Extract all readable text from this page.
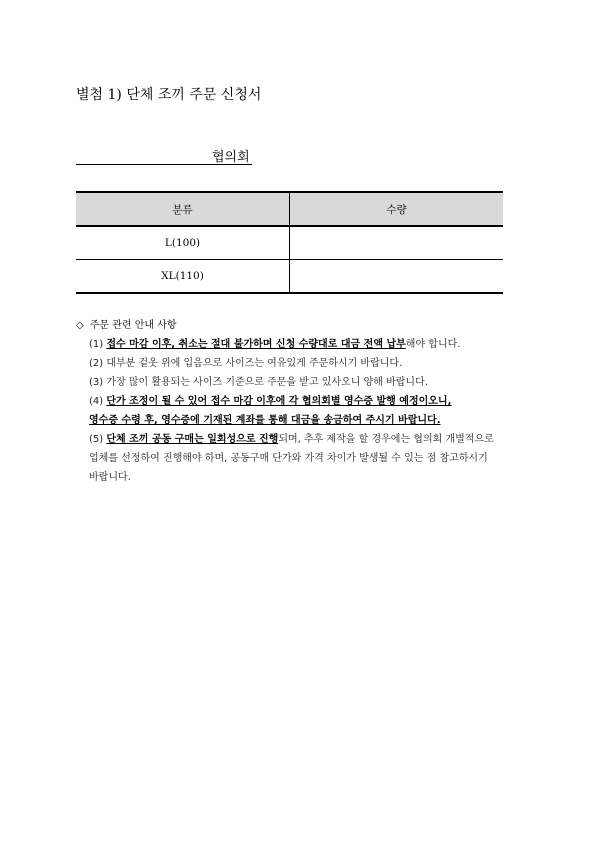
별첨 1) 단체 조끼 주문 신청서
협의회
분류	수량
L(100)	
XL(110)	
◇ 주문 관련 안내 사항
(1) 접수 마감 이후, 취소는 절대 불가하며 신청 수량대로 대금 전액 납부해야 합니다.
(2) 대부분 겉옷 위에 입음으로 사이즈는 여유있게 주문하시기 바랍니다.
(3) 가장 많이 활용되는 사이즈 기준으로 주문을 받고 있사오니 양해 바랍니다.
(4) 단가 조정이 될 수 있어 접수 마감 이후에 각 협의회별 영수증 발행 예정이오니,
영수증 수령 후, 영수증에 기재된 계좌를 통해 대금을 송금하여 주시기 바랍니다.
(5) 단체 조끼 공동 구매는 일회성으로 진행되며, 추후 제작을 할 경우에는 협의회 개별적으로
업체를 선정하여 진행해야 하며, 공동구매 단가와 가격 차이가 발생될 수 있는 점 참고하시기
바랍니다.
